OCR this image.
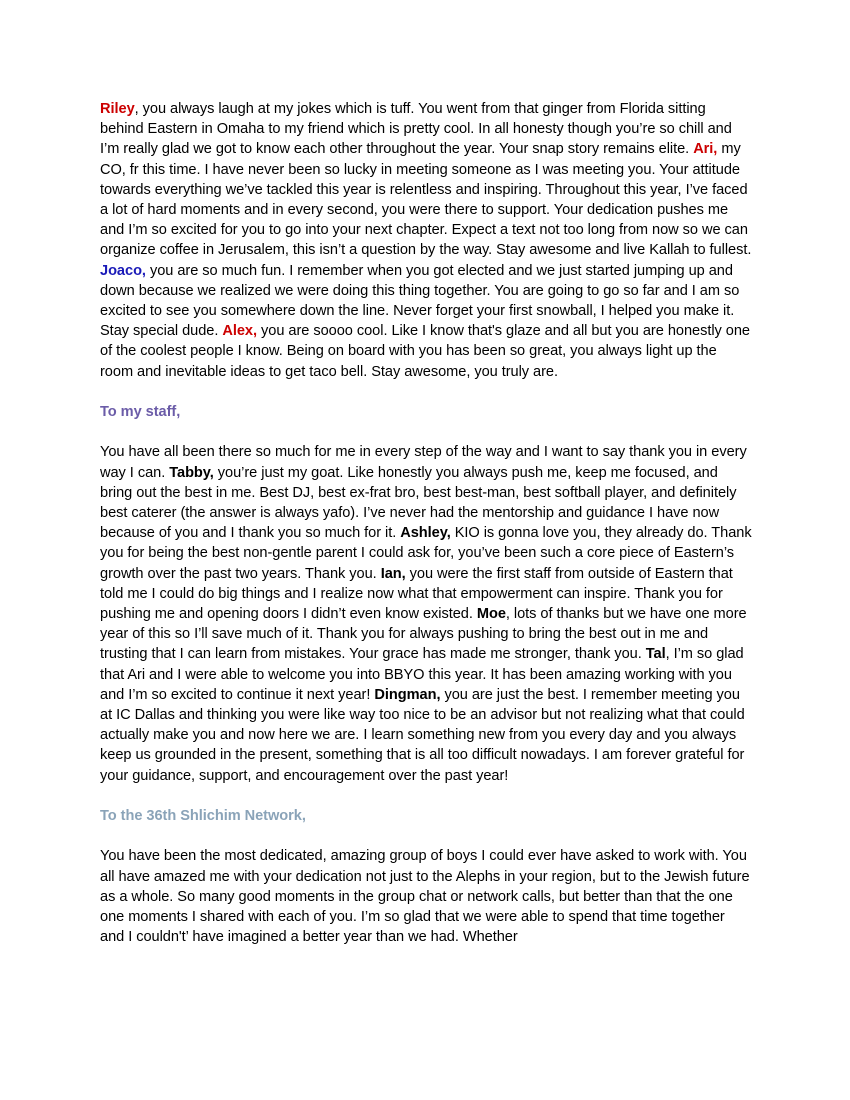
Riley, you always laugh at my jokes which is tuff. You went from that ginger from Florida sitting behind Eastern in Omaha to my friend which is pretty cool. In all honesty though you’re so chill and I’m really glad we got to know each other throughout the year. Your snap story remains elite. Ari, my CO, fr this time. I have never been so lucky in meeting someone as I was meeting you. Your attitude towards everything we’ve tackled this year is relentless and inspiring. Throughout this year, I’ve faced a lot of hard moments and in every second, you were there to support. Your dedication pushes me and I’m so excited for you to go into your next chapter. Expect a text not too long from now so we can organize coffee in Jerusalem, this isn’t a question by the way. Stay awesome and live Kallah to fullest. Joaco, you are so much fun. I remember when you got elected and we just started jumping up and down because we realized we were doing this thing together. You are going to go so far and I am so excited to see you somewhere down the line. Never forget your first snowball, I helped you make it. Stay special dude. Alex, you are soooo cool. Like I know that's glaze and all but you are honestly one of the coolest people I know. Being on board with you has been so great, you always light up the room and inevitable ideas to get taco bell. Stay awesome, you truly are.

To my staff,

You have all been there so much for me in every step of the way and I want to say thank you in every way I can. Tabby, you’re just my goat. Like honestly you always push me, keep me focused, and bring out the best in me. Best DJ, best ex-frat bro, best best-man, best softball player, and definitely best caterer (the answer is always yafo). I’ve never had the mentorship and guidance I have now because of you and I thank you so much for it. Ashley, KIO is gonna love you, they already do. Thank you for being the best non-gentle parent I could ask for, you’ve been such a core piece of Eastern’s growth over the past two years. Thank you. Ian, you were the first staff from outside of Eastern that told me I could do big things and I realize now what that empowerment can inspire. Thank you for pushing me and opening doors I didn’t even know existed. Moe, lots of thanks but we have one more year of this so I’ll save much of it. Thank you for always pushing to bring the best out in me and trusting that I can learn from mistakes. Your grace has made me stronger, thank you. Tal, I’m so glad that Ari and I were able to welcome you into BBYO this year. It has been amazing working with you and I’m so excited to continue it next year! Dingman, you are just the best. I remember meeting you at IC Dallas and thinking you were like way too nice to be an advisor but not realizing what that could actually make you and now here we are. I learn something new from you every day and you always keep us grounded in the present, something that is all too difficult nowadays. I am forever grateful for your guidance, support, and encouragement over the past year!

To the 36th Shlichim Network,

You have been the most dedicated, amazing group of boys I could ever have asked to work with. You all have amazed me with your dedication not just to the Alephs in your region, but to the Jewish future as a whole. So many good moments in the group chat or network calls, but better than that the one one moments I shared with each of you. I’m so glad that we were able to spend that time together and I couldn't’ have imagined a better year than we had. Whether
